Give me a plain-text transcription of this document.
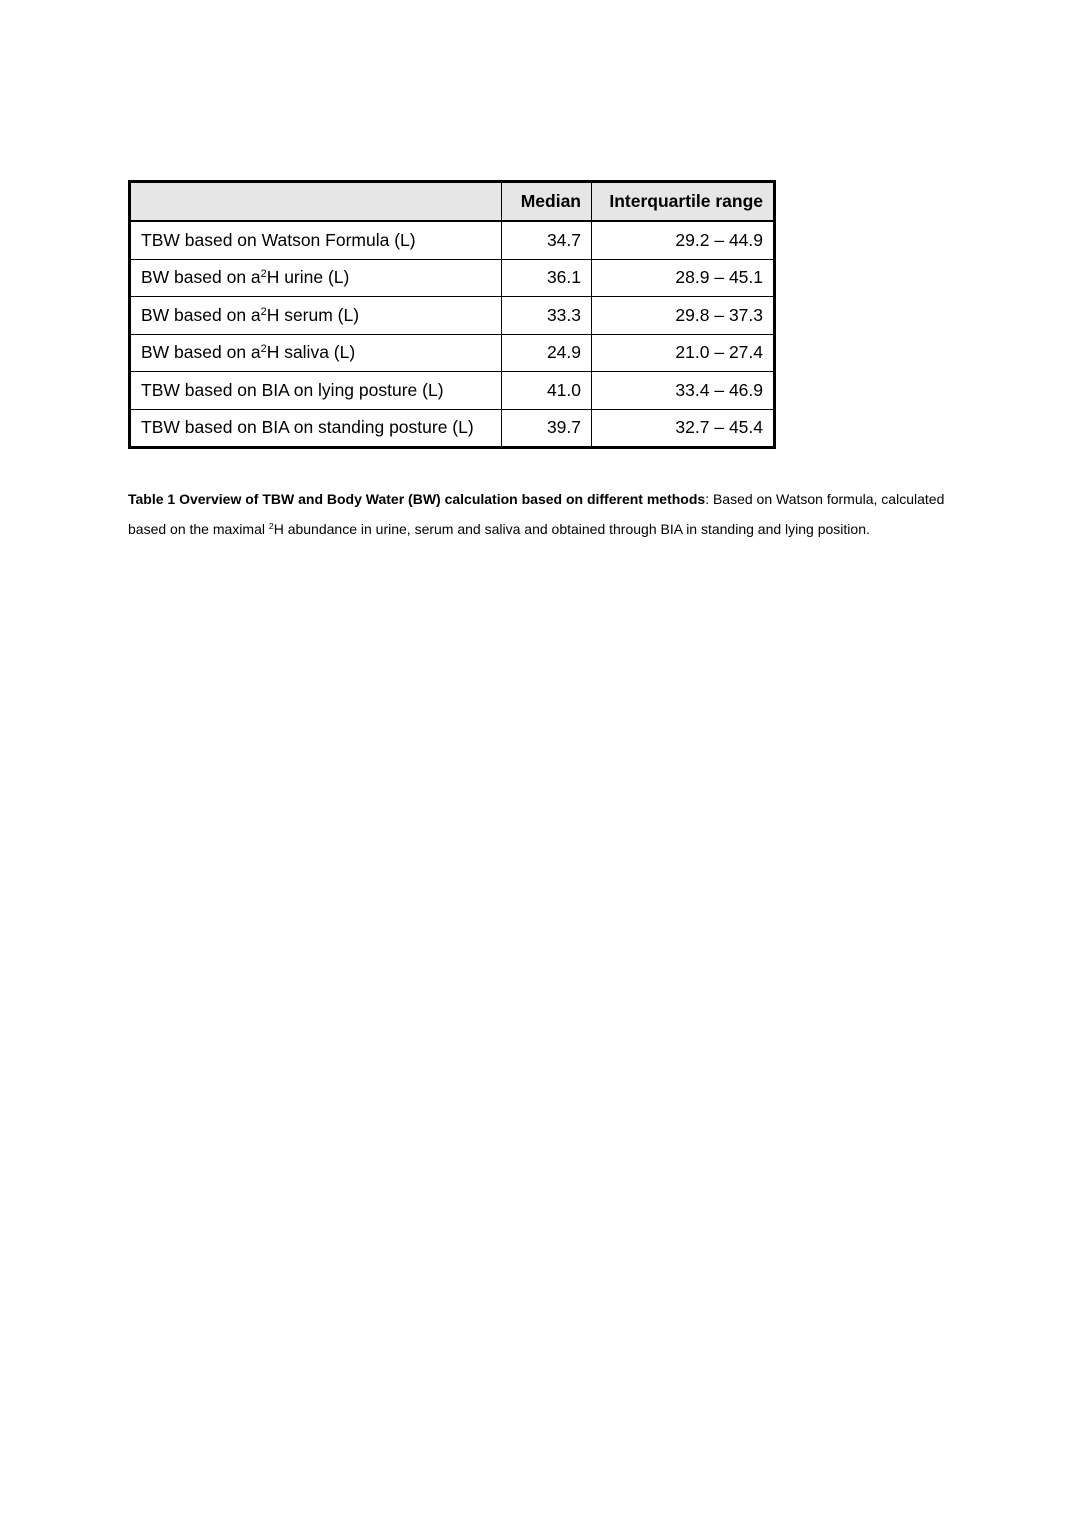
	Median	Interquartile range
TBW based on Watson Formula (L)	34.7	29.2 – 44.9
BW based on $a^2H$ urine (L)	36.1	28.9 – 45.1
BW based on $a^2H$ serum (L)	33.3	29.8 – 37.3
BW based on $a^2H$ saliva (L)	24.9	21.0 – 27.4
TBW based on BIA on lying posture (L)	41.0	33.4 – 46.9
TBW based on BIA on standing posture (L)	39.7	32.7 – 45.4

Table 1 Overview of TBW and Body Water (BW) calculation based on different methods: Based on Watson formula, calculated based on the maximal $^2$H abundance in urine, serum and saliva and obtained through BIA in standing and lying position.
